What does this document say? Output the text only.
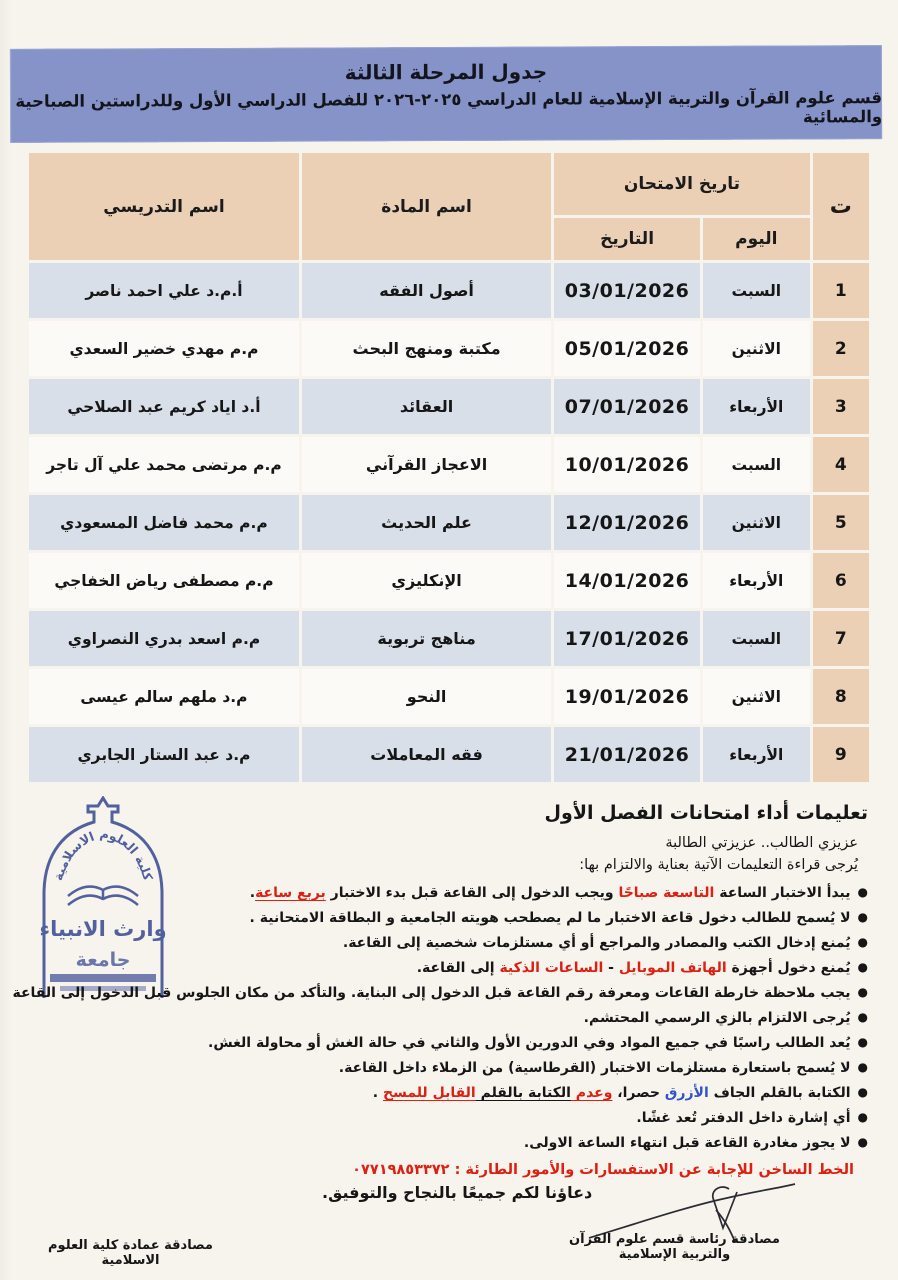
جدول المرحلة الثالثة
قسم علوم القرآن والتربية الإسلامية للعام الدراسي ٢٠٢٥-٢٠٢٦ للفصل الدراسي الأول وللدراستين الصباحية والمسائية
ت	تاريخ الامتحان		اسم المادة	اسم التدريسي
	اليوم	التاريخ		
1	السبت	03/01/2026	أصول الفقه	أ.م.د علي احمد ناصر
2	الاثنين	05/01/2026	مكتبة ومنهج البحث	م.م مهدي خضير السعدي
3	الأربعاء	07/01/2026	العقائد	أ.د اياد كريم عبد الصلاحي
4	السبت	10/01/2026	الاعجاز القرآني	م.م مرتضى محمد علي آل تاجر
5	الاثنين	12/01/2026	علم الحديث	م.م محمد فاضل المسعودي
6	الأربعاء	14/01/2026	الإنكليزي	م.م مصطفى رياض الخفاجي
7	السبت	17/01/2026	مناهج تربوية	م.م اسعد بدري النصراوي
8	الاثنين	19/01/2026	النحو	م.د ملهم سالم عيسى
9	الأربعاء	21/01/2026	فقه المعاملات	م.د عبد الستار الجابري
كلية العلوم الاسلامية
وارث الانبياء
جامعة
تعليمات أداء امتحانات الفصل الأول
عزيزي الطالب.. عزيزتي الطالبة
يُرجى قراءة التعليمات الآتية بعناية والالتزام بها:
●يبدأ الاختبار الساعة التاسعة صباحًا ويجب الدخول إلى القاعة قبل بدء الاختبار بربع ساعة.
●لا يُسمح للطالب دخول قاعة الاختبار ما لم يصطحب هويته الجامعية و البطاقة الامتحانية .
●يُمنع إدخال الكتب والمصادر والمراجع أو أي مستلزمات شخصية إلى القاعة.
●يُمنع دخول أجهزة الهاتف الموبايل - الساعات الذكية إلى القاعة.
●يجب ملاحظة خارطة القاعات ومعرفة رقم القاعة قبل الدخول إلى البناية. والتأكد من مكان الجلوس قبل الدخول إلى القاعة
●يُرجى الالتزام بالزي الرسمي المحتشم.
●يُعد الطالب راسبًا في جميع المواد وفي الدورين الأول والثاني في حالة الغش أو محاولة الغش.
●لا يُسمح باستعارة مستلزمات الاختبار (القرطاسية) من الزملاء داخل القاعة.
●الكتابة بالقلم الجاف الأزرق حصرا، وعدم الكتابة بالقلم القابل للمسح .
●أي إشارة داخل الدفتر تُعد غشًا.
●لا يجوز مغادرة القاعة قبل انتهاء الساعة الاولى.
الخط الساخن للإجابة عن الاستفسارات والأمور الطارئة : ٠٧٧١٩٨٥٣٣٧٢
دعاؤنا لكم جميعًا بالنجاح والتوفيق.
مصادقة رئاسة قسم علوم القرآن والتربية الإسلامية
مصادقة عمادة كلية العلوم الاسلامية
